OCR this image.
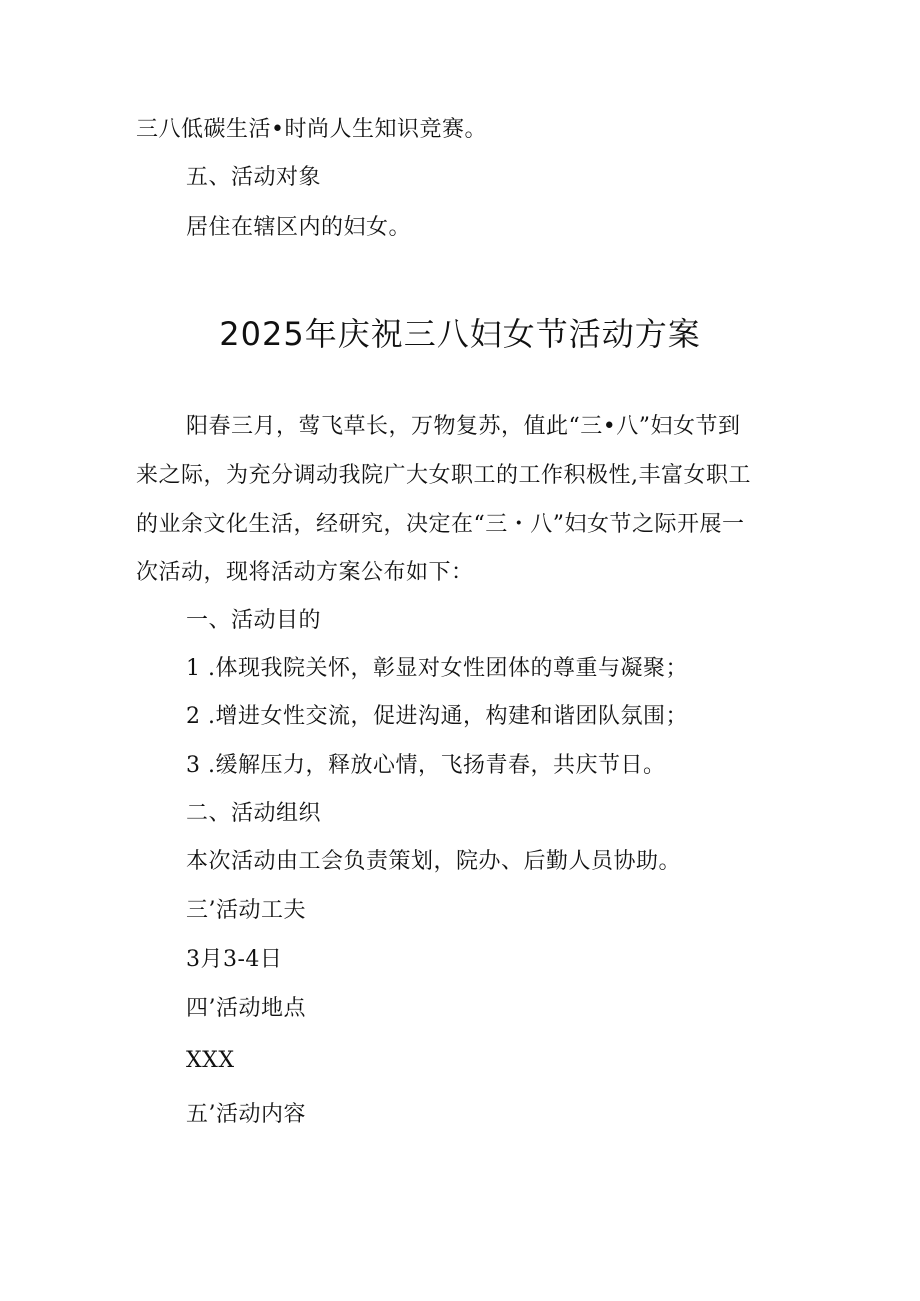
三八低碳生活•时尚人生知识竞赛。
五、活动对象
居住在辖区内的妇女。
2025年庆祝三八妇女节活动方案
阳春三月，莺飞草长，万物复苏，值此“三•八”妇女节到
来之际，为充分调动我院广大女职工的工作积极性,丰富女职工
的业余文化生活，经研究，决定在“三・八”妇女节之际开展一
次活动，现将活动方案公布如下：
一、活动目的
1 .体现我院关怀，彰显对女性团体的尊重与凝聚；
2 .增进女性交流，促进沟通，构建和谐团队氛围；
3 .缓解压力，释放心情，飞扬青春，共庆节日。
二、活动组织
本次活动由工会负责策划，院办、后勤人员协助。
三’活动工夫
3月3-4日
四’活动地点
XXX
五’活动内容
